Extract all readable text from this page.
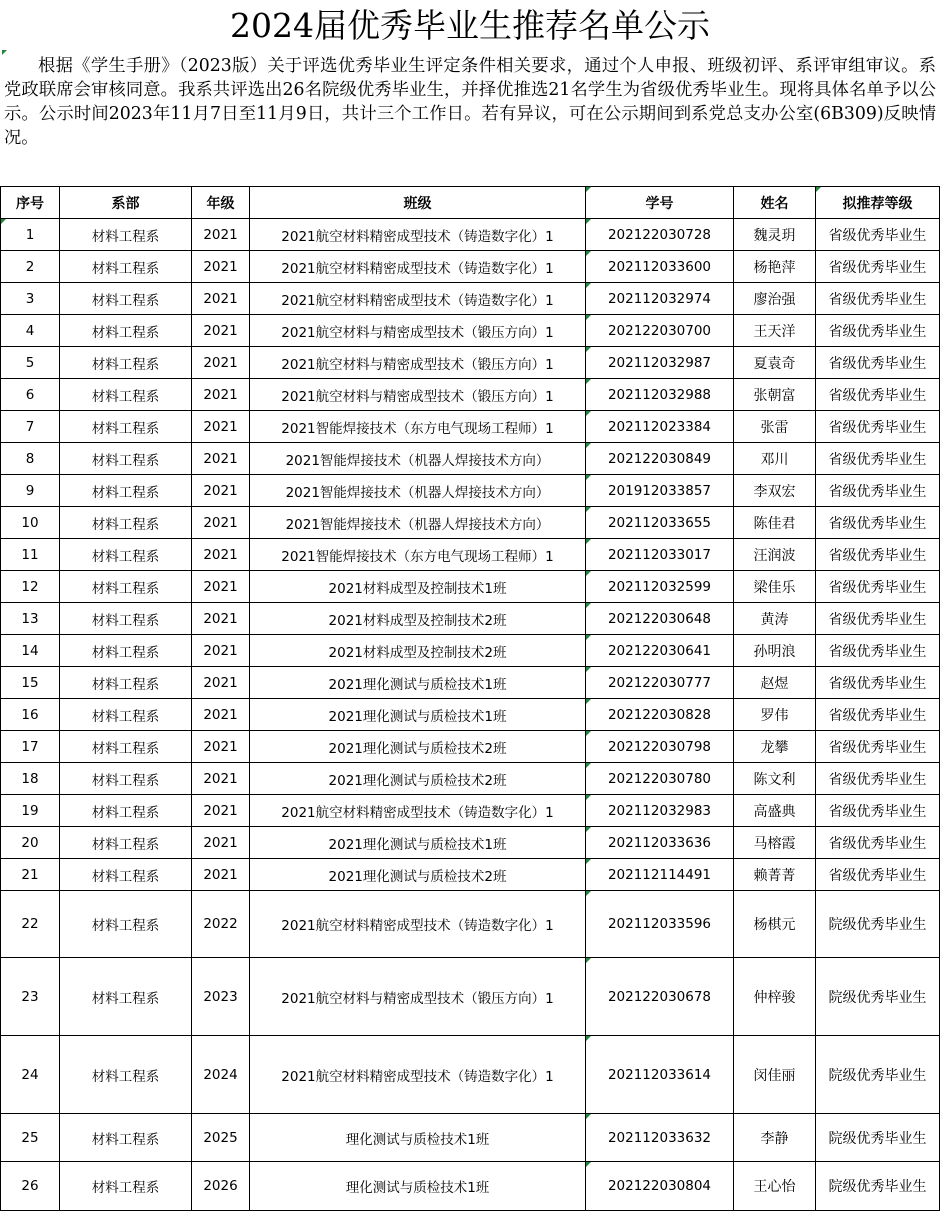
2024届优秀毕业生推荐名单公示
根据《学生手册》（2023版）关于评选优秀毕业生评定条件相关要求，通过个人申报、班级初评、系评审组审议。系党政联席会审核同意。我系共评选出26名院级优秀毕业生，并择优推选21名学生为省级优秀毕业生。现将具体名单予以公示。公示时间2023年11月7日至11月9日，共计三个工作日。若有异议，可在公示期间到系党总支办公室(6B309)反映情况。
序号	系部	年级	班级	学号	姓名	拟推荐等级
1	材料工程系	2021	2021航空材料精密成型技术（铸造数字化）1	202122030728	魏灵玥	省级优秀毕业生
2	材料工程系	2021	2021航空材料精密成型技术（铸造数字化）1	202112033600	杨艳萍	省级优秀毕业生
3	材料工程系	2021	2021航空材料精密成型技术（铸造数字化）1	202112032974	廖治强	省级优秀毕业生
4	材料工程系	2021	2021航空材料与精密成型技术（锻压方向）1	202122030700	王天洋	省级优秀毕业生
5	材料工程系	2021	2021航空材料与精密成型技术（锻压方向）1	202112032987	夏袁奇	省级优秀毕业生
6	材料工程系	2021	2021航空材料与精密成型技术（锻压方向）1	202112032988	张朝富	省级优秀毕业生
7	材料工程系	2021	2021智能焊接技术（东方电气现场工程师）1	202112023384	张雷	省级优秀毕业生
8	材料工程系	2021	2021智能焊接技术（机器人焊接技术方向）	202122030849	邓川	省级优秀毕业生
9	材料工程系	2021	2021智能焊接技术（机器人焊接技术方向）	201912033857	李双宏	省级优秀毕业生
10	材料工程系	2021	2021智能焊接技术（机器人焊接技术方向）	202112033655	陈佳君	省级优秀毕业生
11	材料工程系	2021	2021智能焊接技术（东方电气现场工程师）1	202112033017	汪润波	省级优秀毕业生
12	材料工程系	2021	2021材料成型及控制技术1班	202112032599	梁佳乐	省级优秀毕业生
13	材料工程系	2021	2021材料成型及控制技术2班	202122030648	黄涛	省级优秀毕业生
14	材料工程系	2021	2021材料成型及控制技术2班	202122030641	孙明浪	省级优秀毕业生
15	材料工程系	2021	2021理化测试与质检技术1班	202122030777	赵煜	省级优秀毕业生
16	材料工程系	2021	2021理化测试与质检技术1班	202122030828	罗伟	省级优秀毕业生
17	材料工程系	2021	2021理化测试与质检技术2班	202122030798	龙攀	省级优秀毕业生
18	材料工程系	2021	2021理化测试与质检技术2班	202122030780	陈文利	省级优秀毕业生
19	材料工程系	2021	2021航空材料精密成型技术（铸造数字化）1	202112032983	高盛典	省级优秀毕业生
20	材料工程系	2021	2021理化测试与质检技术1班	202112033636	马榕霞	省级优秀毕业生
21	材料工程系	2021	2021理化测试与质检技术2班	202112114491	赖菁菁	省级优秀毕业生
22	材料工程系	2022	2021航空材料精密成型技术（铸造数字化）1	202112033596	杨棋元	院级优秀毕业生
23	材料工程系	2023	2021航空材料与精密成型技术（锻压方向）1	202122030678	仲梓骏	院级优秀毕业生
24	材料工程系	2024	2021航空材料精密成型技术（铸造数字化）1	202112033614	闵佳丽	院级优秀毕业生
25	材料工程系	2025	理化测试与质检技术1班	202112033632	李静	院级优秀毕业生
26	材料工程系	2026	理化测试与质检技术1班	202122030804	王心怡	院级优秀毕业生
